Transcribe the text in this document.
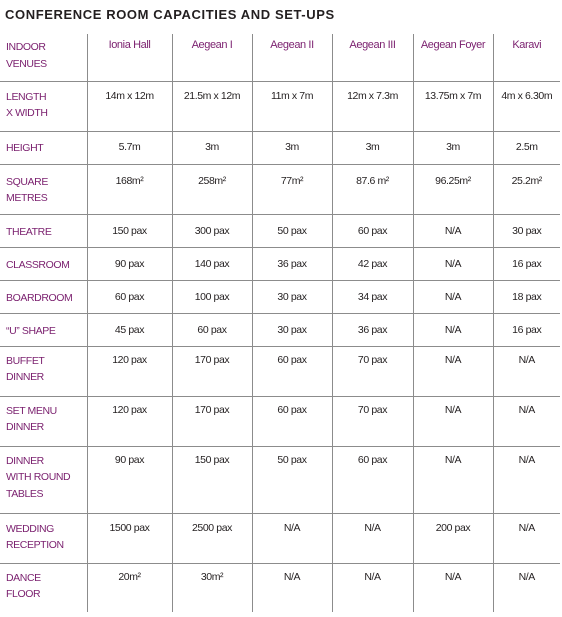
CONFERENCE ROOM CAPACITIES AND SET-UPS
INDOOR
VENUES	Ionia Hall	Aegean I	Aegean II	Aegean III	Aegean Foyer	Karavi

LENGTH
X WIDTH	14m x 12m	21.5m x 12m	11m x 7m	12m x 7.3m	13.75m x 7m	4m x 6.30m

HEIGHT	5.7m	3m	3m	3m	3m	2.5m

SQUARE
METRES	168m²	258m²	77m²	87.6 m²	96.25m²	25.2m²

THEATRE	150 pax	300 pax	50 pax	60 pax	N/A	30 pax

CLASSROOM	90 pax	140 pax	36 pax	42 pax	N/A	16 pax

BOARDROOM	60 pax	100 pax	30 pax	34 pax	N/A	18 pax

“U” SHAPE	45 pax	60 pax	30 pax	36 pax	N/A	16 pax

BUFFET
DINNER	120 pax	170 pax	60 pax	70 pax	N/A	N/A

SET MENU
DINNER	120 pax	170 pax	60 pax	70 pax	N/A	N/A

DINNER
WITH ROUND
TABLES	90 pax	150 pax	50 pax	60 pax	N/A	N/A

WEDDING
RECEPTION	1500 pax	2500 pax	N/A	N/A	200 pax	N/A

DANCE
FLOOR	20m²	30m²	N/A	N/A	N/A	N/A
